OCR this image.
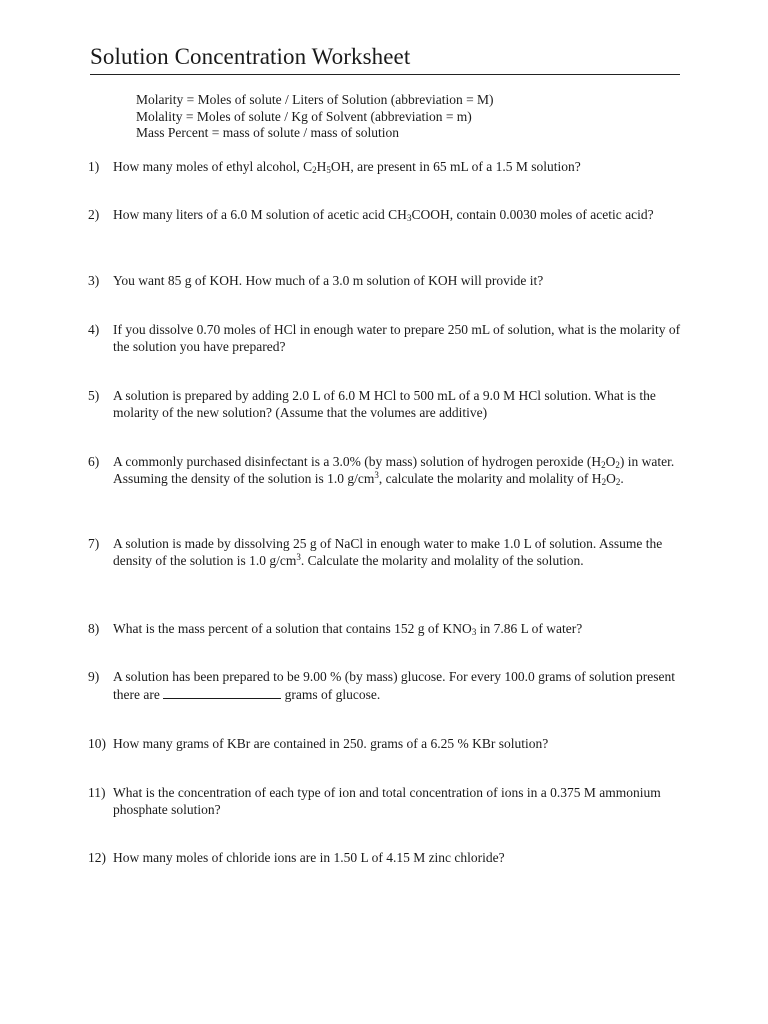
Solution Concentration Worksheet
Molarity = Moles of solute / Liters of Solution (abbreviation = M)
Molality = Moles of solute / Kg of Solvent (abbreviation = m)
Mass Percent = mass of solute / mass of solution
1) How many moles of ethyl alcohol, $C_2H_5OH$, are present in 65 mL of a 1.5 M solution?
2) How many liters of a 6.0 M solution of acetic acid $CH_3COOH$, contain 0.0030 moles of acetic acid?
3) You want 85 g of KOH. How much of a 3.0 m solution of KOH will provide it?
4) If you dissolve 0.70 moles of HCl in enough water to prepare 250 mL of solution, what is the molarity of the solution you have prepared?
5) A solution is prepared by adding 2.0 L of 6.0 M HCl to 500 mL of a 9.0 M HCl solution. What is the molarity of the new solution? (Assume that the volumes are additive)
6) A commonly purchased disinfectant is a 3.0% (by mass) solution of hydrogen peroxide $(H_2O_2)$ in water. Assuming the density of the solution is 1.0 $g/cm^3$, calculate the molarity and molality of $H_2O_2$.
7) A solution is made by dissolving 25 g of NaCl in enough water to make 1.0 L of solution. Assume the density of the solution is 1.0 $g/cm^3$. Calculate the molarity and molality of the solution.
8) What is the mass percent of a solution that contains 152 g of $KNO_3$ in 7.86 L of water?
9) A solution has been prepared to be 9.00 % (by mass) glucose. For every 100.0 grams of solution present there are	grams of glucose.
10) How many grams of KBr are contained in 250. grams of a 6.25 % KBr solution?
11) What is the concentration of each type of ion and total concentration of ions in a 0.375 M ammonium phosphate solution?
12) How many moles of chloride ions are in 1.50 L of 4.15 M zinc chloride?
